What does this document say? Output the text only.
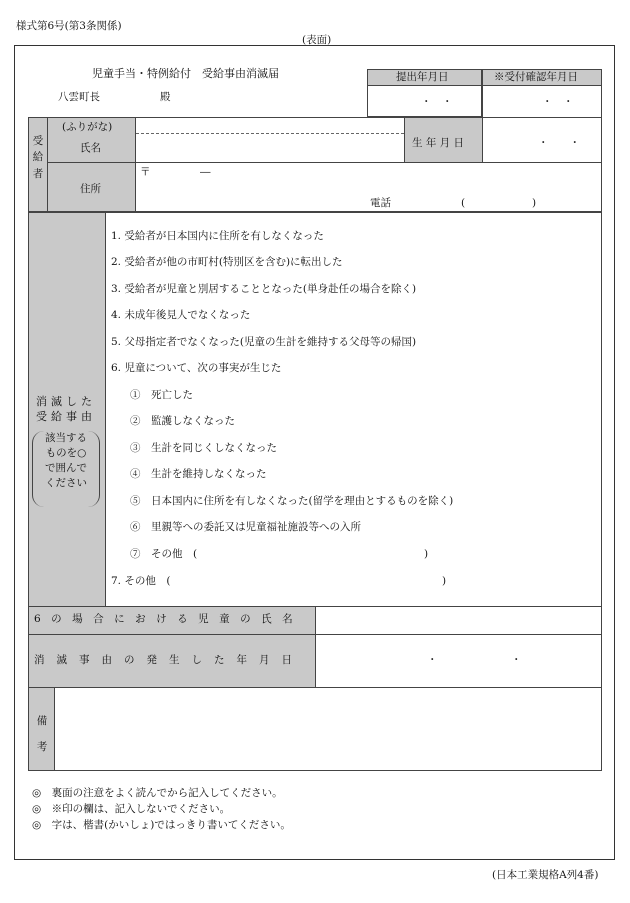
様式第6号(第3条関係)
(表面)
児童手当・特例給付　受給事由消滅届
八雲町長	殿
提出年月日
・　・
※受付確認年月日
・　・
受
給
者
(ふりがな)
氏名	生 年 月 日	・　　・
住所
〒	―
電話	(	)
消滅した
受給事由
該当する
ものを○
で囲んで
ください
1. 受給者が日本国内に住所を有しなくなった
2. 受給者が他の市町村(特別区を含む)に転出した
3. 受給者が児童と別居することとなった(単身赴任の場合を除く)
4. 未成年後見人でなくなった
5. 父母指定者でなくなった(児童の生計を維持する父母等の帰国)
6. 児童について、次の事実が生じた
①　死亡した
②　監護しなくなった
③　生計を同じくしなくなった
④　生計を維持しなくなった
⑤　日本国内に住所を有しなくなった(留学を理由とするものを除く)
⑥　里親等への委託又は児童福祉施設等への入所
⑦　その他　(	)
7. その他　(	)
6の場合における児童の氏名
消滅事由の発生した年月日	・　　　　　　　・
備
考
◎　裏面の注意をよく読んでから記入してください。
◎　※印の欄は、記入しないでください。
◎　字は、楷書(かいしょ)ではっきり書いてください。
(日本工業規格A列4番)
